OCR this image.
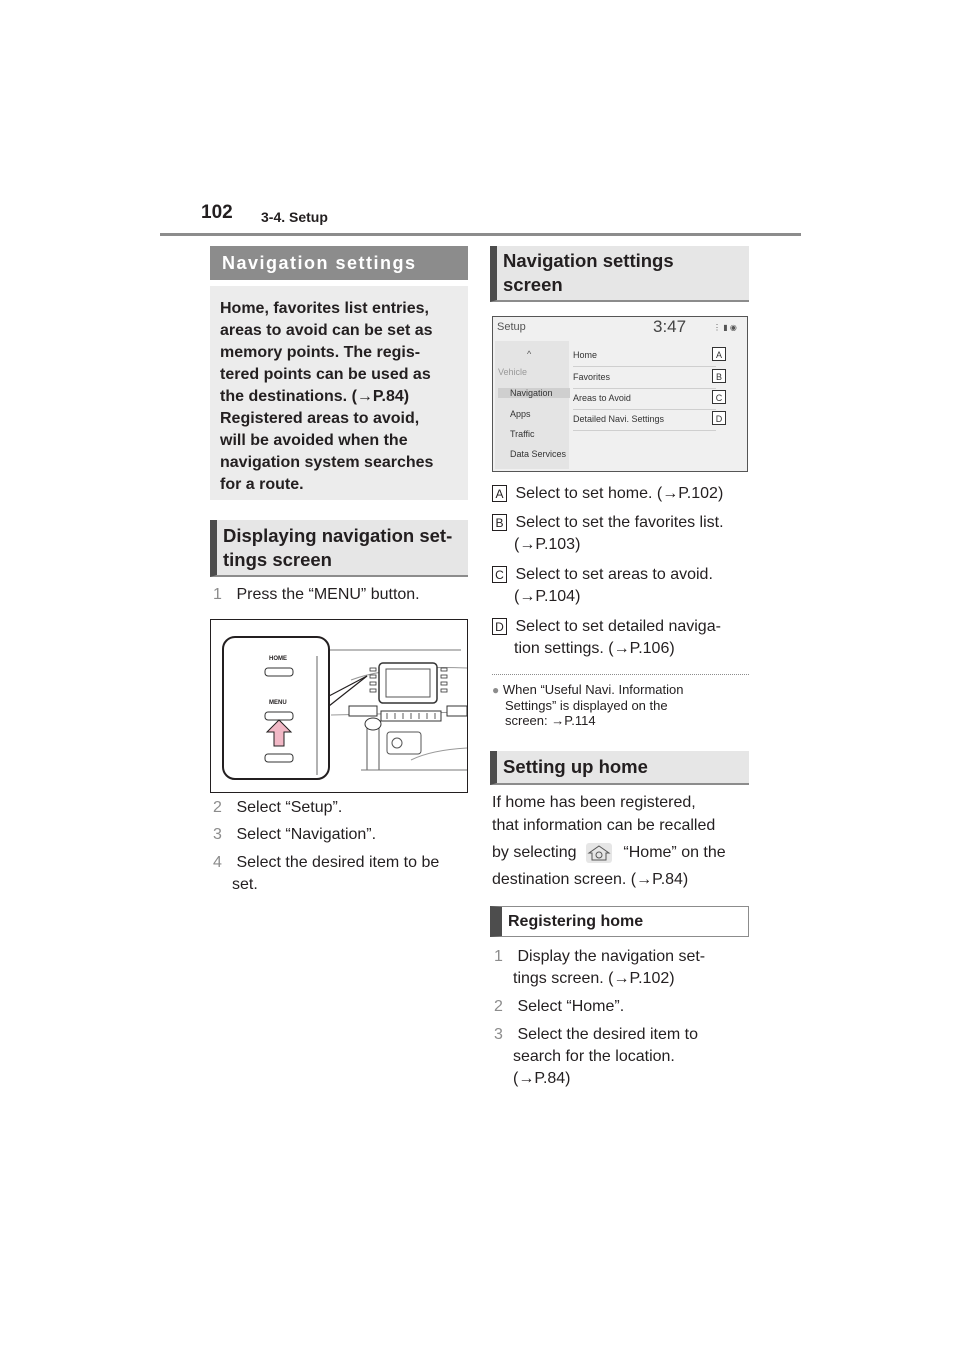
102 3-4. Setup
Navigation settings
Home, favorites list entries,
areas to avoid can be set as
memory points. The regis-
tered points can be used as
the destinations. (→P.84)
Registered areas to avoid,
will be avoided when the
navigation system searches
for a route.
Displaying navigation set-
tings screen
1 Press the “MENU” button.
HOME
MENU
2 Select “Setup”.
3 Select “Navigation”.
4 Select the desired item to be
set.
Navigation settings
screen
Setup	3:47	⋮ ▮ ◉
^
Vehicle
Navigation
Apps
Traffic
Data Services
Home	A
Favorites	B
Areas to Avoid	C
Detailed Navi. Settings	D
A Select to set home. (→P.102)
B Select to set the favorites list.
(→P.103)
C Select to set areas to avoid.
(→P.104)
D Select to set detailed naviga-
tion settings. (→P.106)
● When “Useful Navi. Information
Settings” is displayed on the
screen: →P.114
Setting up home
If home has been registered,
that information can be recalled
by selecting	“Home” on the
destination screen. (→P.84)
Registering home
1 Display the navigation set-
tings screen. (→P.102)
2 Select “Home”.
3 Select the desired item to
search for the location.
(→P.84)
